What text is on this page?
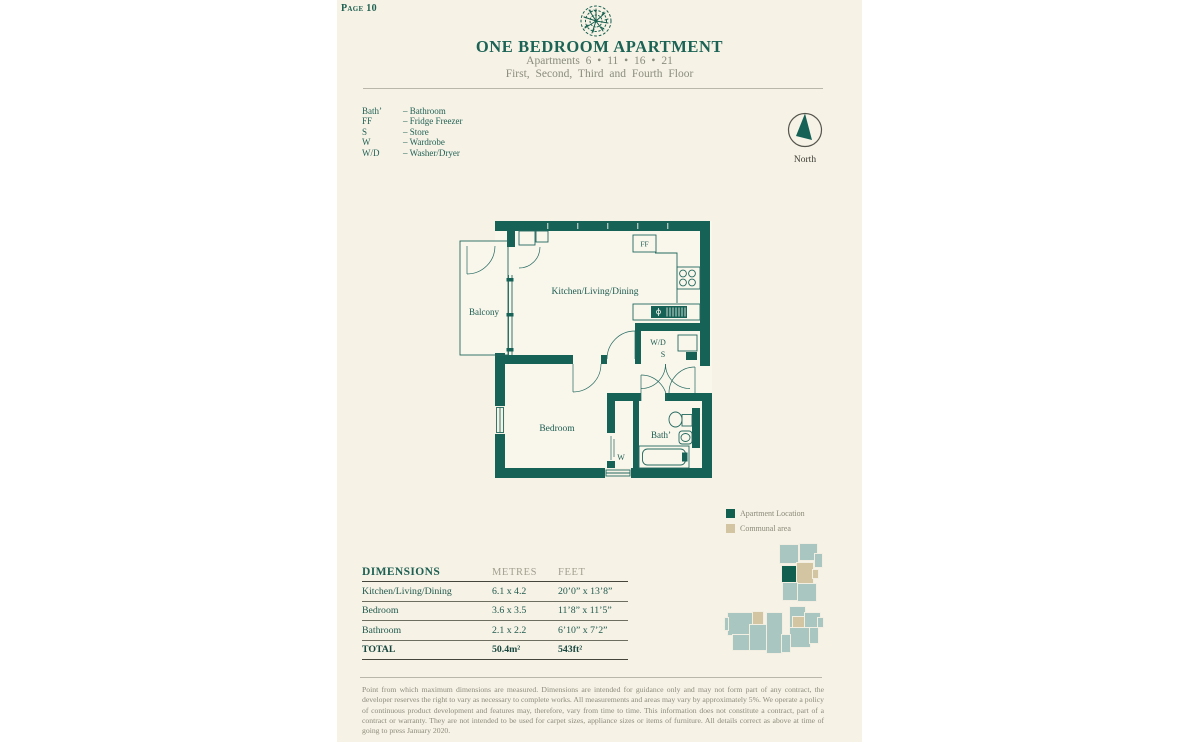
Page 10
ONE BEDROOM APARTMENT
Apartments 6 • 11 • 16 • 21
First, Second, Third and Fourth Floor
Bath’	– Bathroom
FF	– Fridge Freezer
S	– Store
W	– Wardrobe
W/D	– Washer/Dryer
North
Kitchen/Living/Dining
Balcony
Bedroom
Bath’
W/D
S
W
FF
Apartment Location
Communal area
DIMENSIONS	METRES	FEET
Kitchen/Living/Dining	6.1 x 4.2	20’0” x 13’8”
Bedroom	3.6 x 3.5	11’8” x 11’5”
Bathroom	2.1 x 2.2	6’10” x 7’2”
TOTAL	50.4m²	543ft²
Point from which maximum dimensions are measured. Dimensions are intended for guidance only and may not form part of any contract, the developer reserves the right to vary as necessary to complete works. All measurements and areas may vary by approximately 5%. We operate a policy of continuous product development and features may, therefore, vary from time to time. This information does not constitute a contract, part of a contract or warranty. They are not intended to be used for carpet sizes, appliance sizes or items of furniture. All details correct as above at time of going to press January 2020.
